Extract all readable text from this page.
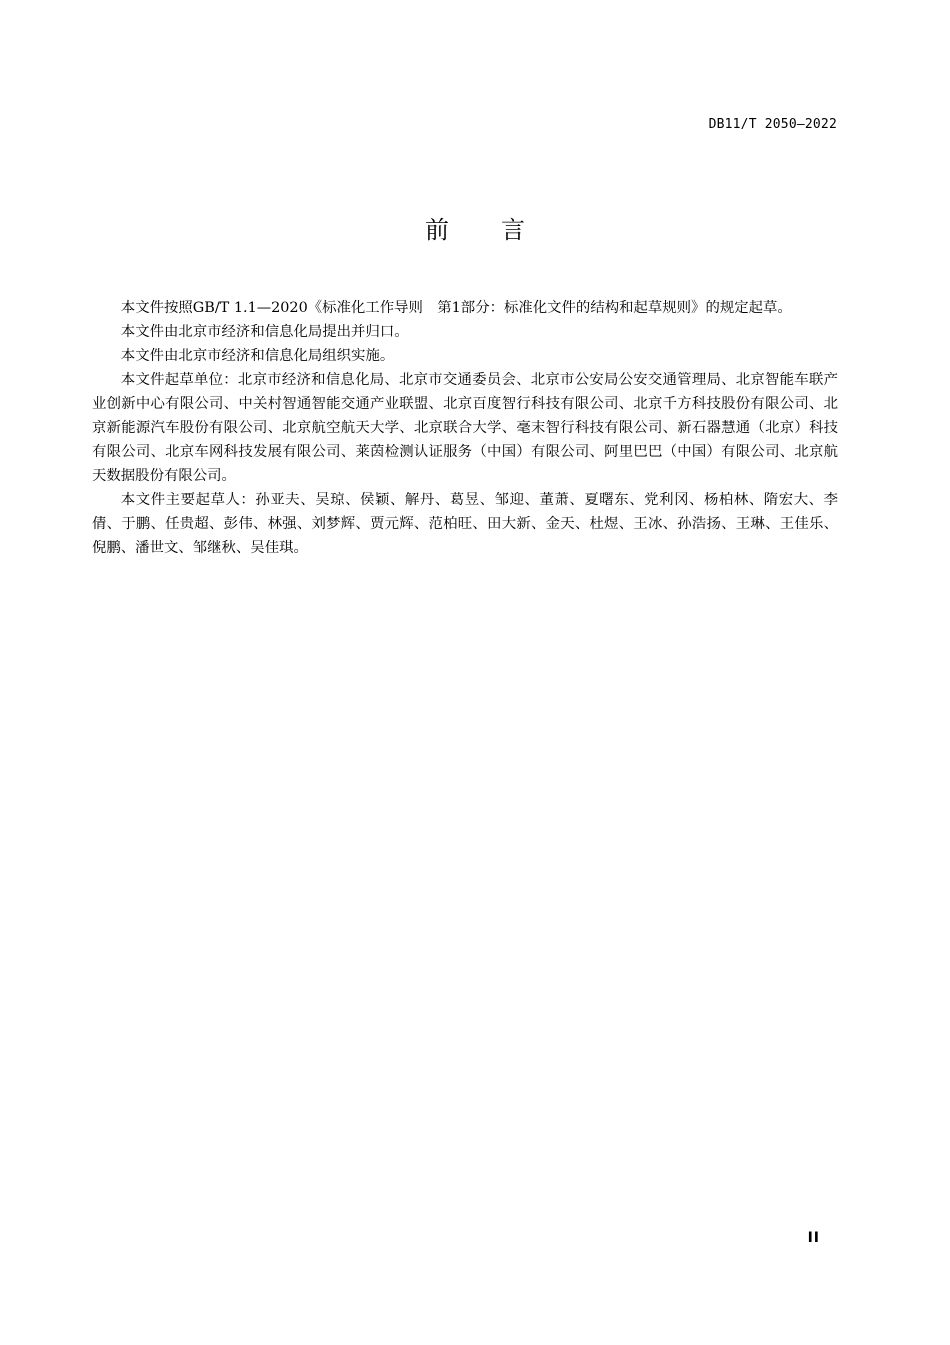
DB11/T 2050—2022
前言

本文件按照GB/T 1.1—2020《标准化工作导则　第1部分：标准化文件的结构和起草规则》的规定起草。

本文件由北京市经济和信息化局提出并归口。

本文件由北京市经济和信息化局组织实施。

本文件起草单位：北京市经济和信息化局、北京市交通委员会、北京市公安局公安交通管理局、北京智能车联产业创新中心有限公司、中关村智通智能交通产业联盟、北京百度智行科技有限公司、北京千方科技股份有限公司、北京新能源汽车股份有限公司、北京航空航天大学、北京联合大学、毫末智行科技有限公司、新石器慧通（北京）科技有限公司、北京车网科技发展有限公司、莱茵检测认证服务（中国）有限公司、阿里巴巴（中国）有限公司、北京航天数据股份有限公司。

本文件主要起草人：孙亚夫、吴琼、侯颖、解丹、葛昱、邹迎、董萧、夏曙东、党利冈、杨柏林、隋宏大、李倩、于鹏、任贵超、彭伟、林强、刘梦辉、贾元辉、范柏旺、田大新、金天、杜煜、王冰、孙浩扬、王琳、王佳乐、倪鹏、潘世文、邹继秋、吴佳琪。

II
